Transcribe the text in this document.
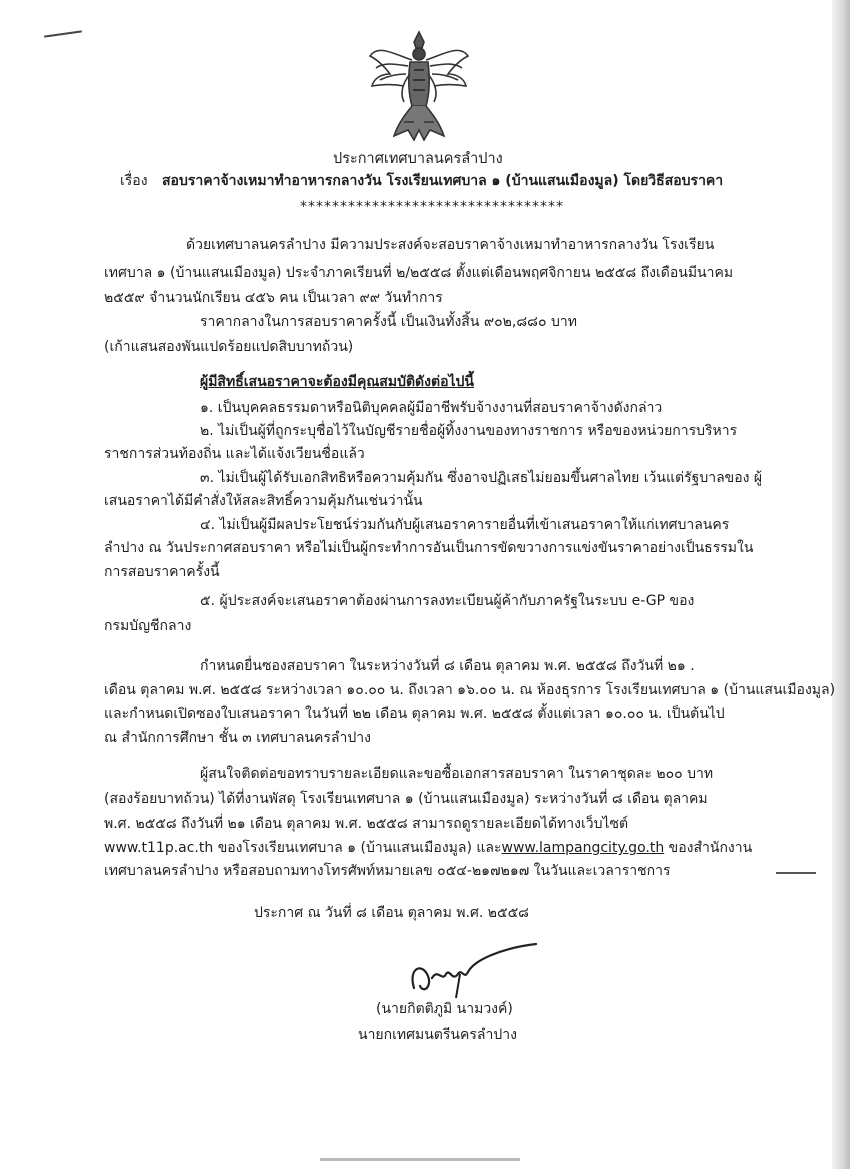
ประกาศเทศบาลนครลำปาง
เรื่อง สอบราคาจ้างเหมาทำอาหารกลางวัน โรงเรียนเทศบาล ๑ (บ้านแสนเมืองมูล) โดยวิธีสอบราคา
*********************************
ด้วยเทศบาลนครลำปาง มีความประสงค์จะสอบราคาจ้างเหมาทำอาหารกลางวัน โรงเรียน
เทศบาล ๑ (บ้านแสนเมืองมูล) ประจำภาคเรียนที่ ๒/๒๕๕๘ ตั้งแต่เดือนพฤศจิกายน ๒๕๕๘ ถึงเดือนมีนาคม
๒๕๕๙ จำนวนนักเรียน ๔๕๖ คน เป็นเวลา ๙๙ วันทำการ
ราคากลางในการสอบราคาครั้งนี้ เป็นเงินทั้งสิ้น ๙๐๒,๘๘๐ บาท
(เก้าแสนสองพันแปดร้อยแปดสิบบาทถ้วน)
ผู้มีสิทธิ์เสนอราคาจะต้องมีคุณสมบัติดังต่อไปนี้
๑. เป็นบุคคลธรรมดาหรือนิติบุคคลผู้มีอาชีพรับจ้างงานที่สอบราคาจ้างดังกล่าว
๒. ไม่เป็นผู้ที่ถูกระบุชื่อไว้ในบัญชีรายชื่อผู้ทิ้งงานของทางราชการ หรือของหน่วยการบริหาร
ราชการส่วนท้องถิ่น และได้แจ้งเวียนชื่อแล้ว
๓. ไม่เป็นผู้ได้รับเอกสิทธิหรือความคุ้มกัน ซึ่งอาจปฏิเสธไม่ยอมขึ้นศาลไทย เว้นแต่รัฐบาลของ ผู้
เสนอราคาได้มีคำสั่งให้สละสิทธิ์ความคุ้มกันเช่นว่านั้น
๔. ไม่เป็นผู้มีผลประโยชน์ร่วมกันกับผู้เสนอราคารายอื่นที่เข้าเสนอราคาให้แก่เทศบาลนคร
ลำปาง ณ วันประกาศสอบราคา หรือไม่เป็นผู้กระทำการอันเป็นการขัดขวางการแข่งขันราคาอย่างเป็นธรรมใน
การสอบราคาครั้งนี้
๕. ผู้ประสงค์จะเสนอราคาต้องผ่านการลงทะเบียนผู้ค้ากับภาครัฐในระบบ e-GP ของ
กรมบัญชีกลาง
กำหนดยื่นซองสอบราคา ในระหว่างวันที่ ๘ เดือน ตุลาคม พ.ศ. ๒๕๕๘ ถึงวันที่ ๒๑ .
เดือน ตุลาคม พ.ศ. ๒๕๕๘ ระหว่างเวลา ๑๐.๐๐ น. ถึงเวลา ๑๖.๐๐ น. ณ ห้องธุรการ โรงเรียนเทศบาล ๑ (บ้านแสนเมืองมูล)
และกำหนดเปิดซองใบเสนอราคา ในวันที่ ๒๒ เดือน ตุลาคม พ.ศ. ๒๕๕๘ ตั้งแต่เวลา ๑๐.๐๐ น. เป็นต้นไป
ณ สำนักการศึกษา ชั้น ๓ เทศบาลนครลำปาง
ผู้สนใจติดต่อขอทราบรายละเอียดและขอซื้อเอกสารสอบราคา ในราคาชุดละ ๒๐๐ บาท
(สองร้อยบาทถ้วน) ได้ที่งานพัสดุ โรงเรียนเทศบาล ๑ (บ้านแสนเมืองมูล) ระหว่างวันที่ ๘ เดือน ตุลาคม
พ.ศ. ๒๕๕๘ ถึงวันที่ ๒๑ เดือน ตุลาคม พ.ศ. ๒๕๕๘ สามารถดูรายละเอียดได้ทางเว็บไซต์
www.t11p.ac.th ของโรงเรียนเทศบาล ๑ (บ้านแสนเมืองมูล) และwww.lampangcity.go.th ของสำนักงาน
เทศบาลนครลำปาง หรือสอบถามทางโทรศัพท์หมายเลข ๐๕๔-๒๑๗๒๑๗ ในวันและเวลาราชการ
ประกาศ ณ วันที่ ๘ เดือน ตุลาคม พ.ศ. ๒๕๕๘
(นายกิตติภูมิ นามวงค์)
นายกเทศมนตรีนครลำปาง
